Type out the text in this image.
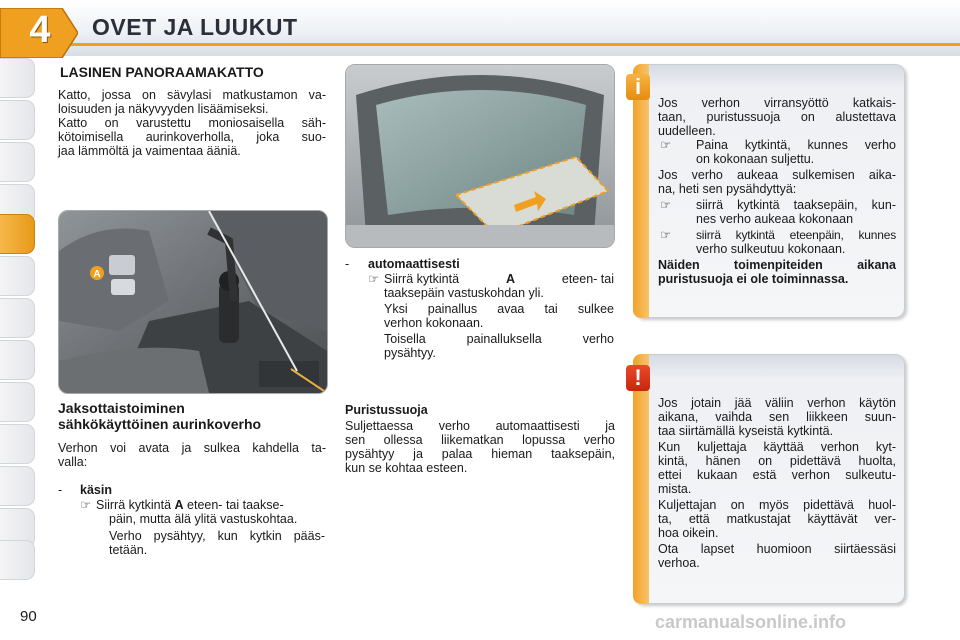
4 OVET JA LUUKUT
LASINEN PANORAAMAKATTO
Katto, jossa on sävylasi matkustamon va-
loisuuden ja näkyvyyden lisäämiseksi.
Katto on varustettu moniosaisella säh-
kötoimisella aurinkoverholla, joka suo-
jaa lämmöltä ja vaimentaa ääniä.
A
Jaksottaistoiminen
sähkökäyttöinen aurinkoverho
Verhon voi avata ja sulkea kahdella ta-
valla:
- käsin
☞ Siirrä kytkintä A eteen- tai taakse-
päin, mutta älä ylitä vastuskohtaa.
Verho pysähtyy, kun kytkin pääs-
tetään.
- automaattisesti
☞ Siirrä kytkintä	A	eteen- tai
taaksepäin vastuskohdan yli.
Yksi painallus avaa tai sulkee
verhon kokonaan.
Toisella painalluksella verho
pysähtyy.
Puristussuoja
Suljettaessa verho automaattisesti ja
sen ollessa liikematkan lopussa verho
pysähtyy ja palaa hieman taaksepäin,
kun se kohtaa esteen.
i
Jos verhon virransyöttö katkais-
taan, puristussuoja on alustettava
uudelleen.
☞ Paina kytkintä, kunnes verho
on kokonaan suljettu.
Jos verho aukeaa sulkemisen aika-
na, heti sen pysähdyttyä:
☞ siirrä kytkintä taaksepäin, kun-
nes verho aukeaa kokonaan
☞ siirrä kytkintä eteenpäin, kunnes
verho sulkeutuu kokonaan.
Näiden toimenpiteiden aikana
puristusuoja ei ole toiminnassa.
!
Jos jotain jää väliin verhon käytön
aikana, vaihda sen liikkeen suun-
taa siirtämällä kyseistä kytkintä.
Kun kuljettaja käyttää verhon kyt-
kintä, hänen on pidettävä huolta,
ettei kukaan estä verhon sulkeutu-
mista.
Kuljettajan on myös pidettävä huol-
ta, että matkustajat käyttävät ver-
hoa oikein.
Ota lapset huomioon siirtäessäsi
verhoa.
90	carmanualsonline.info
